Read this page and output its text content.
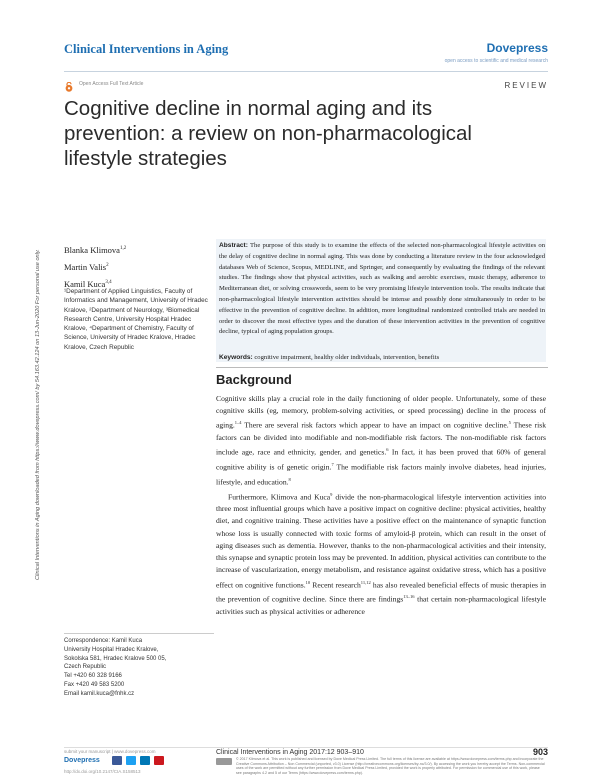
Clinical Interventions in Aging	Dovepress
open access to scientific and medical research
Open Access Full Text Article	REVIEW
Cognitive decline in normal aging and its prevention: a review on non-pharmacological lifestyle strategies
Clinical Interventions in Aging downloaded from https://www.dovepress.com/ by 54.163.42.124 on 13-Jun-2020 For personal use only.	Blanka Klimova$^{1,2}$
Martin Valis$^2$
Kamil Kuca$^{3,4}$
¹Department of Applied Linguistics, Faculty of Informatics and Management, University of Hradec Kralove, ²Department of Neurology, ³Biomedical Research Centre, University Hospital Hradec Kralove, ⁴Department of Chemistry, Faculty of Science, University of Hradec Kralove, Hradec Kralove, Czech Republic
Correspondence: Kamil Kuca
University Hospital Hradec Kralove,
Sokolska 581, Hradec Kralove 500 05,
Czech Republic
Tel +420 60 328 9166
Fax +420 49 583 5200
Email kamil.kuca@fnhk.cz
Abstract: The purpose of this study is to examine the effects of the selected non-pharmacological lifestyle activities on the delay of cognitive decline in normal aging. This was done by conducting a literature review in the four acknowledged databases Web of Science, Scopus, MEDLINE, and Springer, and consequently by evaluating the findings of the relevant studies. The findings show that physical activities, such as walking and aerobic exercises, music therapy, adherence to Mediterranean diet, or solving crosswords, seem to be very promising lifestyle intervention tools. The results indicate that non-pharmacological lifestyle intervention activities should be intense and possibly done simultaneously in order to be effective in the prevention of cognitive decline. In addition, more longitudinal randomized controlled trials are needed in order to discover the most effective types and the duration of these intervention activities in the prevention of cognitive decline, typical of aging population groups.
Keywords: cognitive impairment, healthy older individuals, intervention, benefits
Background

Cognitive skills play a crucial role in the daily functioning of older people. Unfortunately, some of these cognitive skills (eg, memory, problem-solving activities, or speed processing) decline in the process of aging.$^{1-4}$ There are several risk factors which appear to have an impact on cognitive decline.$^5$ These risk factors can be divided into modifiable and non-modifiable risk factors. The non-modifiable risk factors include age, race and ethnicity, gender, and genetics.$^6$ In fact, it has been proved that 60% of general cognitive ability is of genetic origin.$^7$ The modifiable risk factors mainly involve diabetes, head injuries, lifestyle, and education.$^8$

Furthermore, Klimova and Kuca$^9$ divide the non-pharmacological lifestyle intervention activities into three most influential groups which have a positive impact on cognitive decline: physical activities, healthy diet, and cognitive training. These activities have a positive effect on the maintenance of synaptic function whose loss is usually connected with toxic forms of amyloid-β protein, which can result in the onset of aging diseases such as dementia. However, thanks to the non-pharmacological activities and their intensity, this synapse and synaptic protein loss may be prevented. In addition, physical activities can contribute to the increase of vascularization, energy metabolism, and resistance against oxidative stress, which has a positive effect on cognitive functions.$^{10}$ Recent research$^{11,12}$ has also revealed beneficial effects of music therapies in the prevention of cognitive decline. Since there are findings$^{13-16}$ that certain non-pharmacological lifestyle activities such as physical activities or adherence

submit your manuscript | www.dovepress.com
Dovepress
http://dx.doi.org/10.2147/CIA.S158513
Clinical Interventions in Aging 2017:12 903–910	903
© 2017 Klimova et al. This work is published and licensed by Dove Medical Press Limited. The full terms of this license are available at https://www.dovepress.com/terms.php and incorporate the Creative Commons Attribution – Non Commercial (unported, v3.0) License (http://creativecommons.org/licenses/by-nc/3.0/). By accessing the work you hereby accept the Terms. Non-commercial uses of the work are permitted without any further permission from Dove Medical Press Limited, provided the work is properly attributed. For permission for commercial use of this work, please see paragraphs 4.2 and 5 of our Terms (https://www.dovepress.com/terms.php).
